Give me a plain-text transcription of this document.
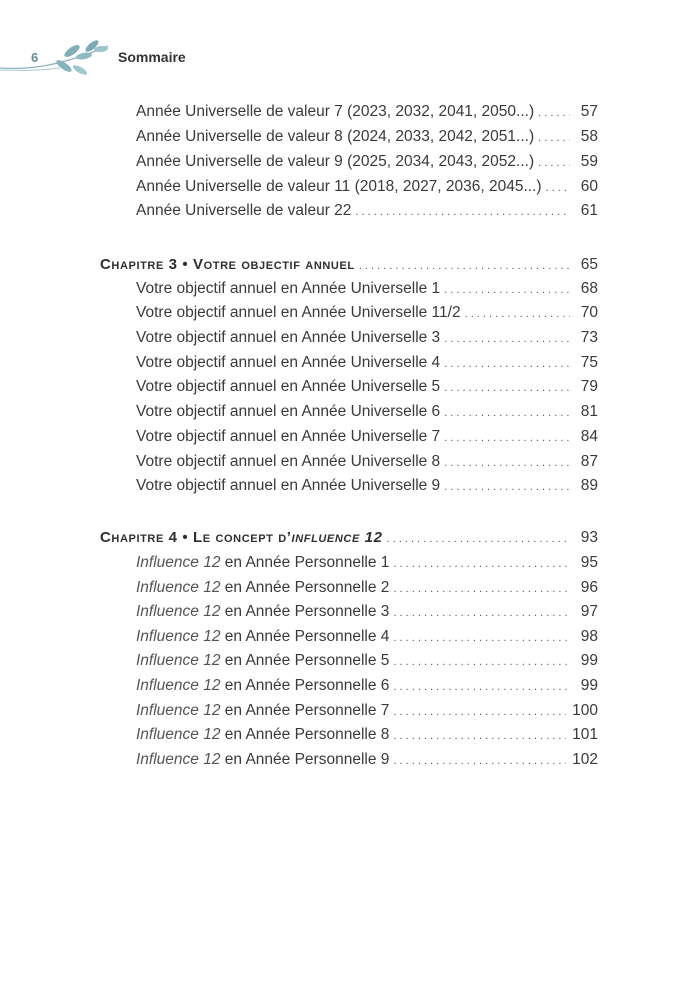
6	Sommaire
Année Universelle de valeur 7 (2023, 2032, 2041, 2050...) . . .	57
Année Universelle de valeur 8 (2024, 2033, 2042, 2051...) . . .	58
Année Universelle de valeur 9 (2025, 2034, 2043, 2052...) . . .	59
Année Universelle de valeur 11 (2018, 2027, 2036, 2045...) . . .	60
Année Universelle de valeur 22 . . .	61
Chapitre 3 • Votre objectif annuel . . .	65
Votre objectif annuel en Année Universelle 1 . . .	68
Votre objectif annuel en Année Universelle 11/2 . . .	70
Votre objectif annuel en Année Universelle 3 . . .	73
Votre objectif annuel en Année Universelle 4 . . .	75
Votre objectif annuel en Année Universelle 5 . . .	79
Votre objectif annuel en Année Universelle 6 . . .	81
Votre objectif annuel en Année Universelle 7 . . .	84
Votre objectif annuel en Année Universelle 8 . . .	87
Votre objectif annuel en Année Universelle 9 . . .	89
Chapitre 4 • Le concept d’influence 12 . . .	93
Influence 12 en Année Personnelle 1 . . .	95
Influence 12 en Année Personnelle 2 . . .	96
Influence 12 en Année Personnelle 3 . . .	97
Influence 12 en Année Personnelle 4 . . .	98
Influence 12 en Année Personnelle 5 . . .	99
Influence 12 en Année Personnelle 6 . . .	99
Influence 12 en Année Personnelle 7 . . .	100
Influence 12 en Année Personnelle 8 . . .	101
Influence 12 en Année Personnelle 9 . . .	102
